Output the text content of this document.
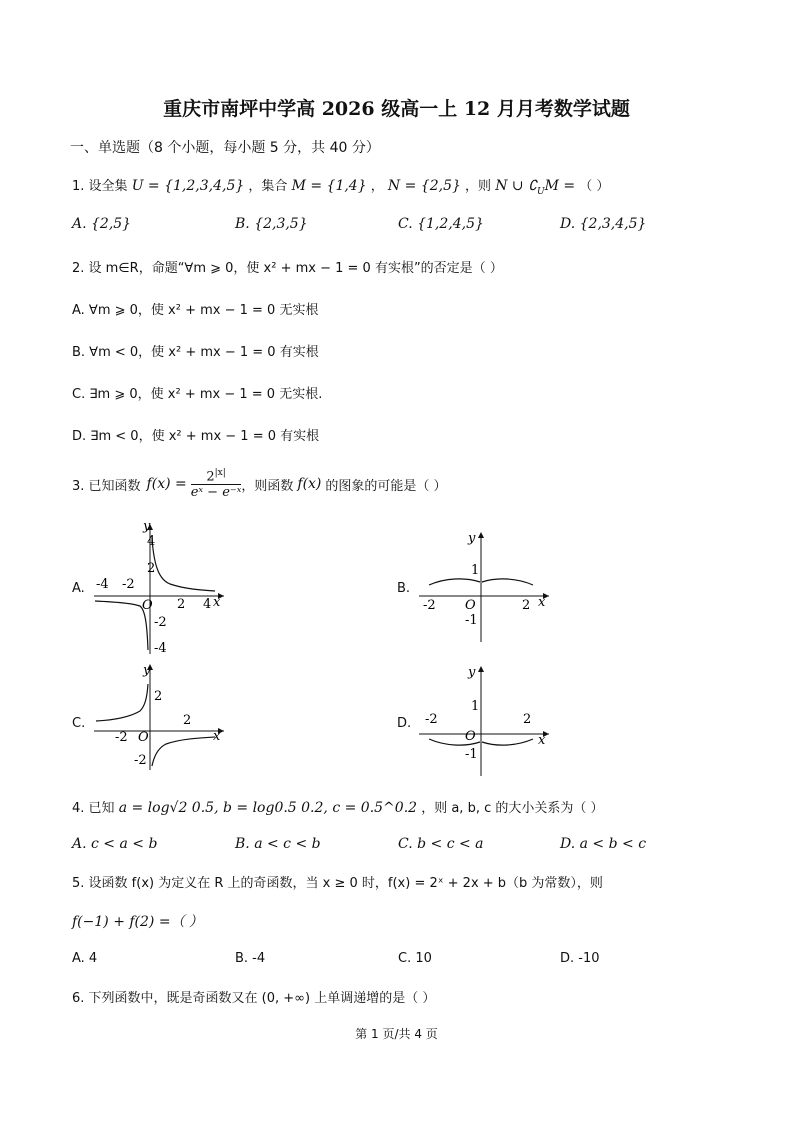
重庆市南坪中学高 2026 级高一上 12 月月考数学试题
一、单选题（8 个小题，每小题 5 分，共 40 分）
1. 设全集 U = {1,2,3,4,5} ，集合 M = {1,4} ， N = {2,5} ，则 N ∪ $∁_UM$ = （ ）
A. {2,5}	B. {2,3,5}	C. {1,2,4,5}	D. {2,3,4,5}
2. 设 m∈R，命题“∀m ⩾ 0，使 x² + mx − 1 = 0 有实根”的否定是（ ）
A. ∀m ⩾ 0，使 x² + mx − 1 = 0 无实根
B. ∀m < 0，使 x² + mx − 1 = 0 有实根
C. ∃m ⩾ 0，使 x² + mx − 1 = 0 无实根.
D. ∃m < 0，使 x² + mx − 1 = 0 有实根
3. 已知函数 $f(x) = \frac{2^{|x|}}{\text{eˣ − e⁻ˣ}}$ ，则函数 f(x) 的图象的可能是（ ）
A.	B.
C.	D.
y
x
O
-4 -2
2 4
4
2
-2
-4
y
x
O
-2	2
1
-1
y
x
O
-2
2
2
-2
y
x
O
-2	2
1
-1
4. 已知 a = log√2 0.5, b = log0.5 0.2, c = 0.5^0.2 ，则 a, b, c 的大小关系为（ ）
A. c < a < b	B. a < c < b	C. b < c < a	D. a < b < c
5. 设函数 f(x) 为定义在 R 上的奇函数，当 x ≥ 0 时，f(x) = 2ˣ + 2x + b（b 为常数），则
f(−1) + f(2) =（ ）
A. 4	B. -4	C. 10	D. -10
6. 下列函数中，既是奇函数又在 (0, +∞) 上单调递增的是（ ）
第 1 页/共 4 页
